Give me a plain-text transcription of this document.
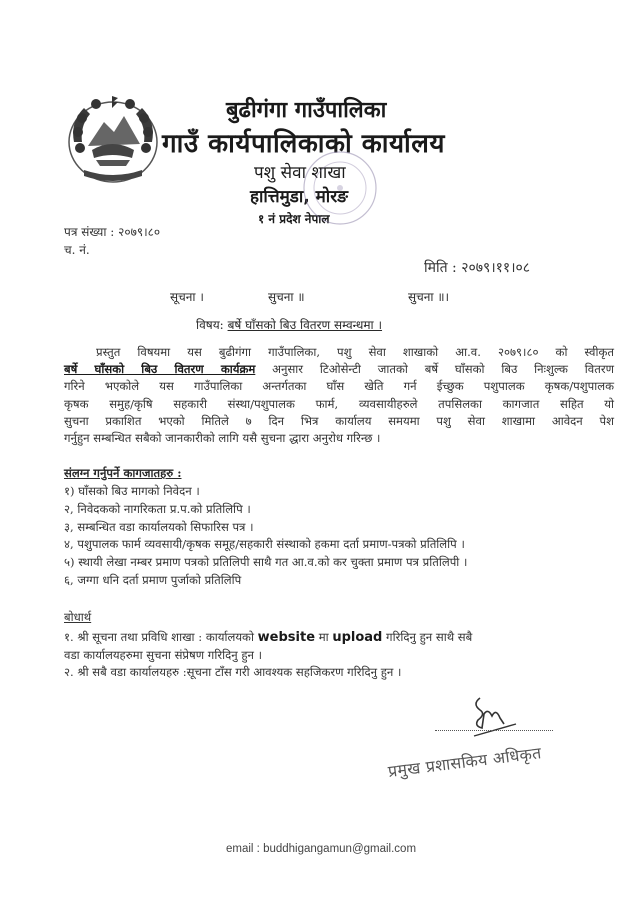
बुढीगंगा गाउँपालिका
गाउँ कार्यपालिकाको कार्यालय
पशु सेवा शाखा
हात्तिमुडा, मोरङ
१ नं प्रदेश नेपाल
पत्र संख्या : २०७९।८०
च. नं.
मिति : २०७९।११।०८
सूचना ।	सुचना ॥	सुचना ॥।
विषय: बर्षे घाँसको बिउ वितरण सम्वन्धमा ।
प्रस्तुत विषयमा यस बुढीगंगा गाउँपालिका, पशु सेवा शाखाको आ.व. २०७९।८० को स्वीकृत
बर्षे घाँसको बिउ वितरण कार्यक्रम अनुसार टिओसेन्टी जातको बर्षे घाँसको बिउ निःशुल्क वितरण
गरिने भएकोले यस गाउँपालिका अन्तर्गतका घाँस खेति गर्न ईच्छुक पशुपालक कृषक/पशुपालक
कृषक समुह/कृषि सहकारी संस्था/पशुपालक फार्म, व्यवसायीहरुले तपसिलका कागजात सहित यो
सुचना प्रकाशित भएको मितिले ७ दिन भित्र कार्यालय समयमा पशु सेवा शाखामा आवेदन पेश
गर्नुहुन सम्बन्धित सबैको जानकारीको लागि यसै सुचना द्धारा अनुरोध गरिन्छ ।
संलग्न गर्नुपर्ने कागजातहरु :
१) घाँसको बिउ मागको निवेदन ।
२, निवेदकको नागरिकता प्र.प.को प्रतिलिपि ।
३, सम्बन्धित वडा कार्यालयको सिफारिस पत्र ।
४, पशुपालक फार्म व्यवसायी/कृषक समूह/सहकारी संस्थाको हकमा दर्ता प्रमाण-पत्रको प्रतिलिपि ।
५) स्थायी लेखा नम्बर प्रमाण पत्रको प्रतिलिपी साथै गत आ.व.को कर चुक्ता प्रमाण पत्र प्रतिलिपी ।
६, जग्गा धनि दर्ता प्रमाण पुर्जाको प्रतिलिपि
बोधार्थ
१. श्री सूचना तथा प्रविधि शाखा : कार्यालयको website मा upload गरिदिनु हुन साथै सबै
वडा कार्यालयहरुमा सुचना संप्रेषण गरिदिनु हुन ।
२. श्री सबै वडा कार्यालयहरु :सूचना टाँस गरी आवश्यक सहजिकरण गरिदिनु हुन ।
प्रमुख प्रशासकिय अधिकृत
email : buddhigangamun@gmail.com
